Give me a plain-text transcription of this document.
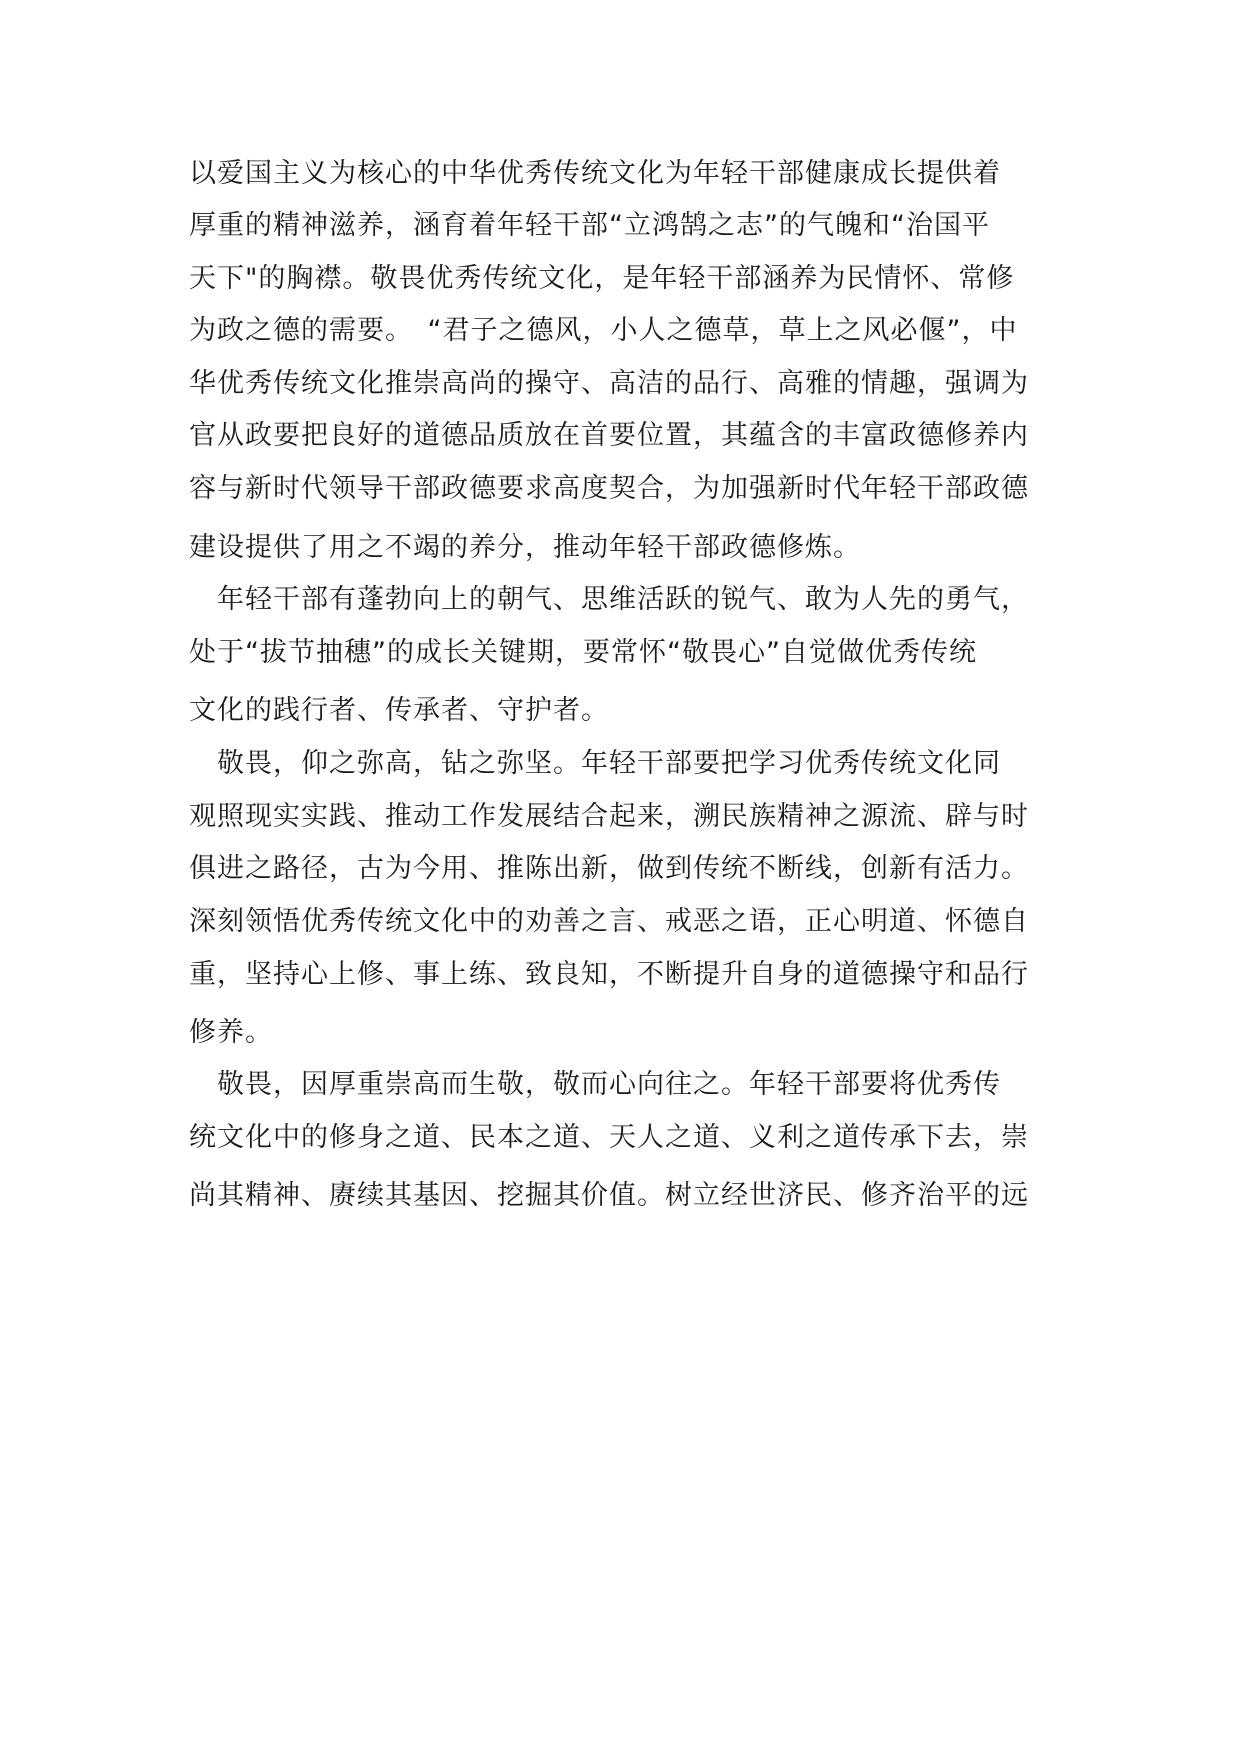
以爱国主义为核心的中华优秀传统文化为年轻干部健康成长提供着
厚重的精神滋养，涵育着年轻干部“立鸿鹄之志”的气魄和“治国平
天下"的胸襟。敬畏优秀传统文化，是年轻干部涵养为民情怀、常修
为政之德的需要。　“君子之德风，小人之德草，草上之风必偃”，中
华优秀传统文化推崇高尚的操守、高洁的品行、高雅的情趣，强调为
官从政要把良好的道德品质放在首要位置，其蕴含的丰富政德修养内
容与新时代领导干部政德要求高度契合，为加强新时代年轻干部政德
建设提供了用之不竭的养分，推动年轻干部政德修炼。
　年轻干部有蓬勃向上的朝气、思维活跃的锐气、敢为人先的勇气，
处于“拔节抽穗”的成长关键期，要常怀“敬畏心”自觉做优秀传统
文化的践行者、传承者、守护者。
　敬畏，仰之弥高，钻之弥坚。年轻干部要把学习优秀传统文化同
观照现实实践、推动工作发展结合起来，溯民族精神之源流、辟与时
俱进之路径，古为今用、推陈出新，做到传统不断线，创新有活力。
深刻领悟优秀传统文化中的劝善之言、戒恶之语，正心明道、怀德自
重，坚持心上修、事上练、致良知，不断提升自身的道德操守和品行
修养。
　敬畏，因厚重崇高而生敬，敬而心向往之。年轻干部要将优秀传
统文化中的修身之道、民本之道、天人之道、义利之道传承下去，崇
尚其精神、赓续其基因、挖掘其价值。树立经世济民、修齐治平的远
